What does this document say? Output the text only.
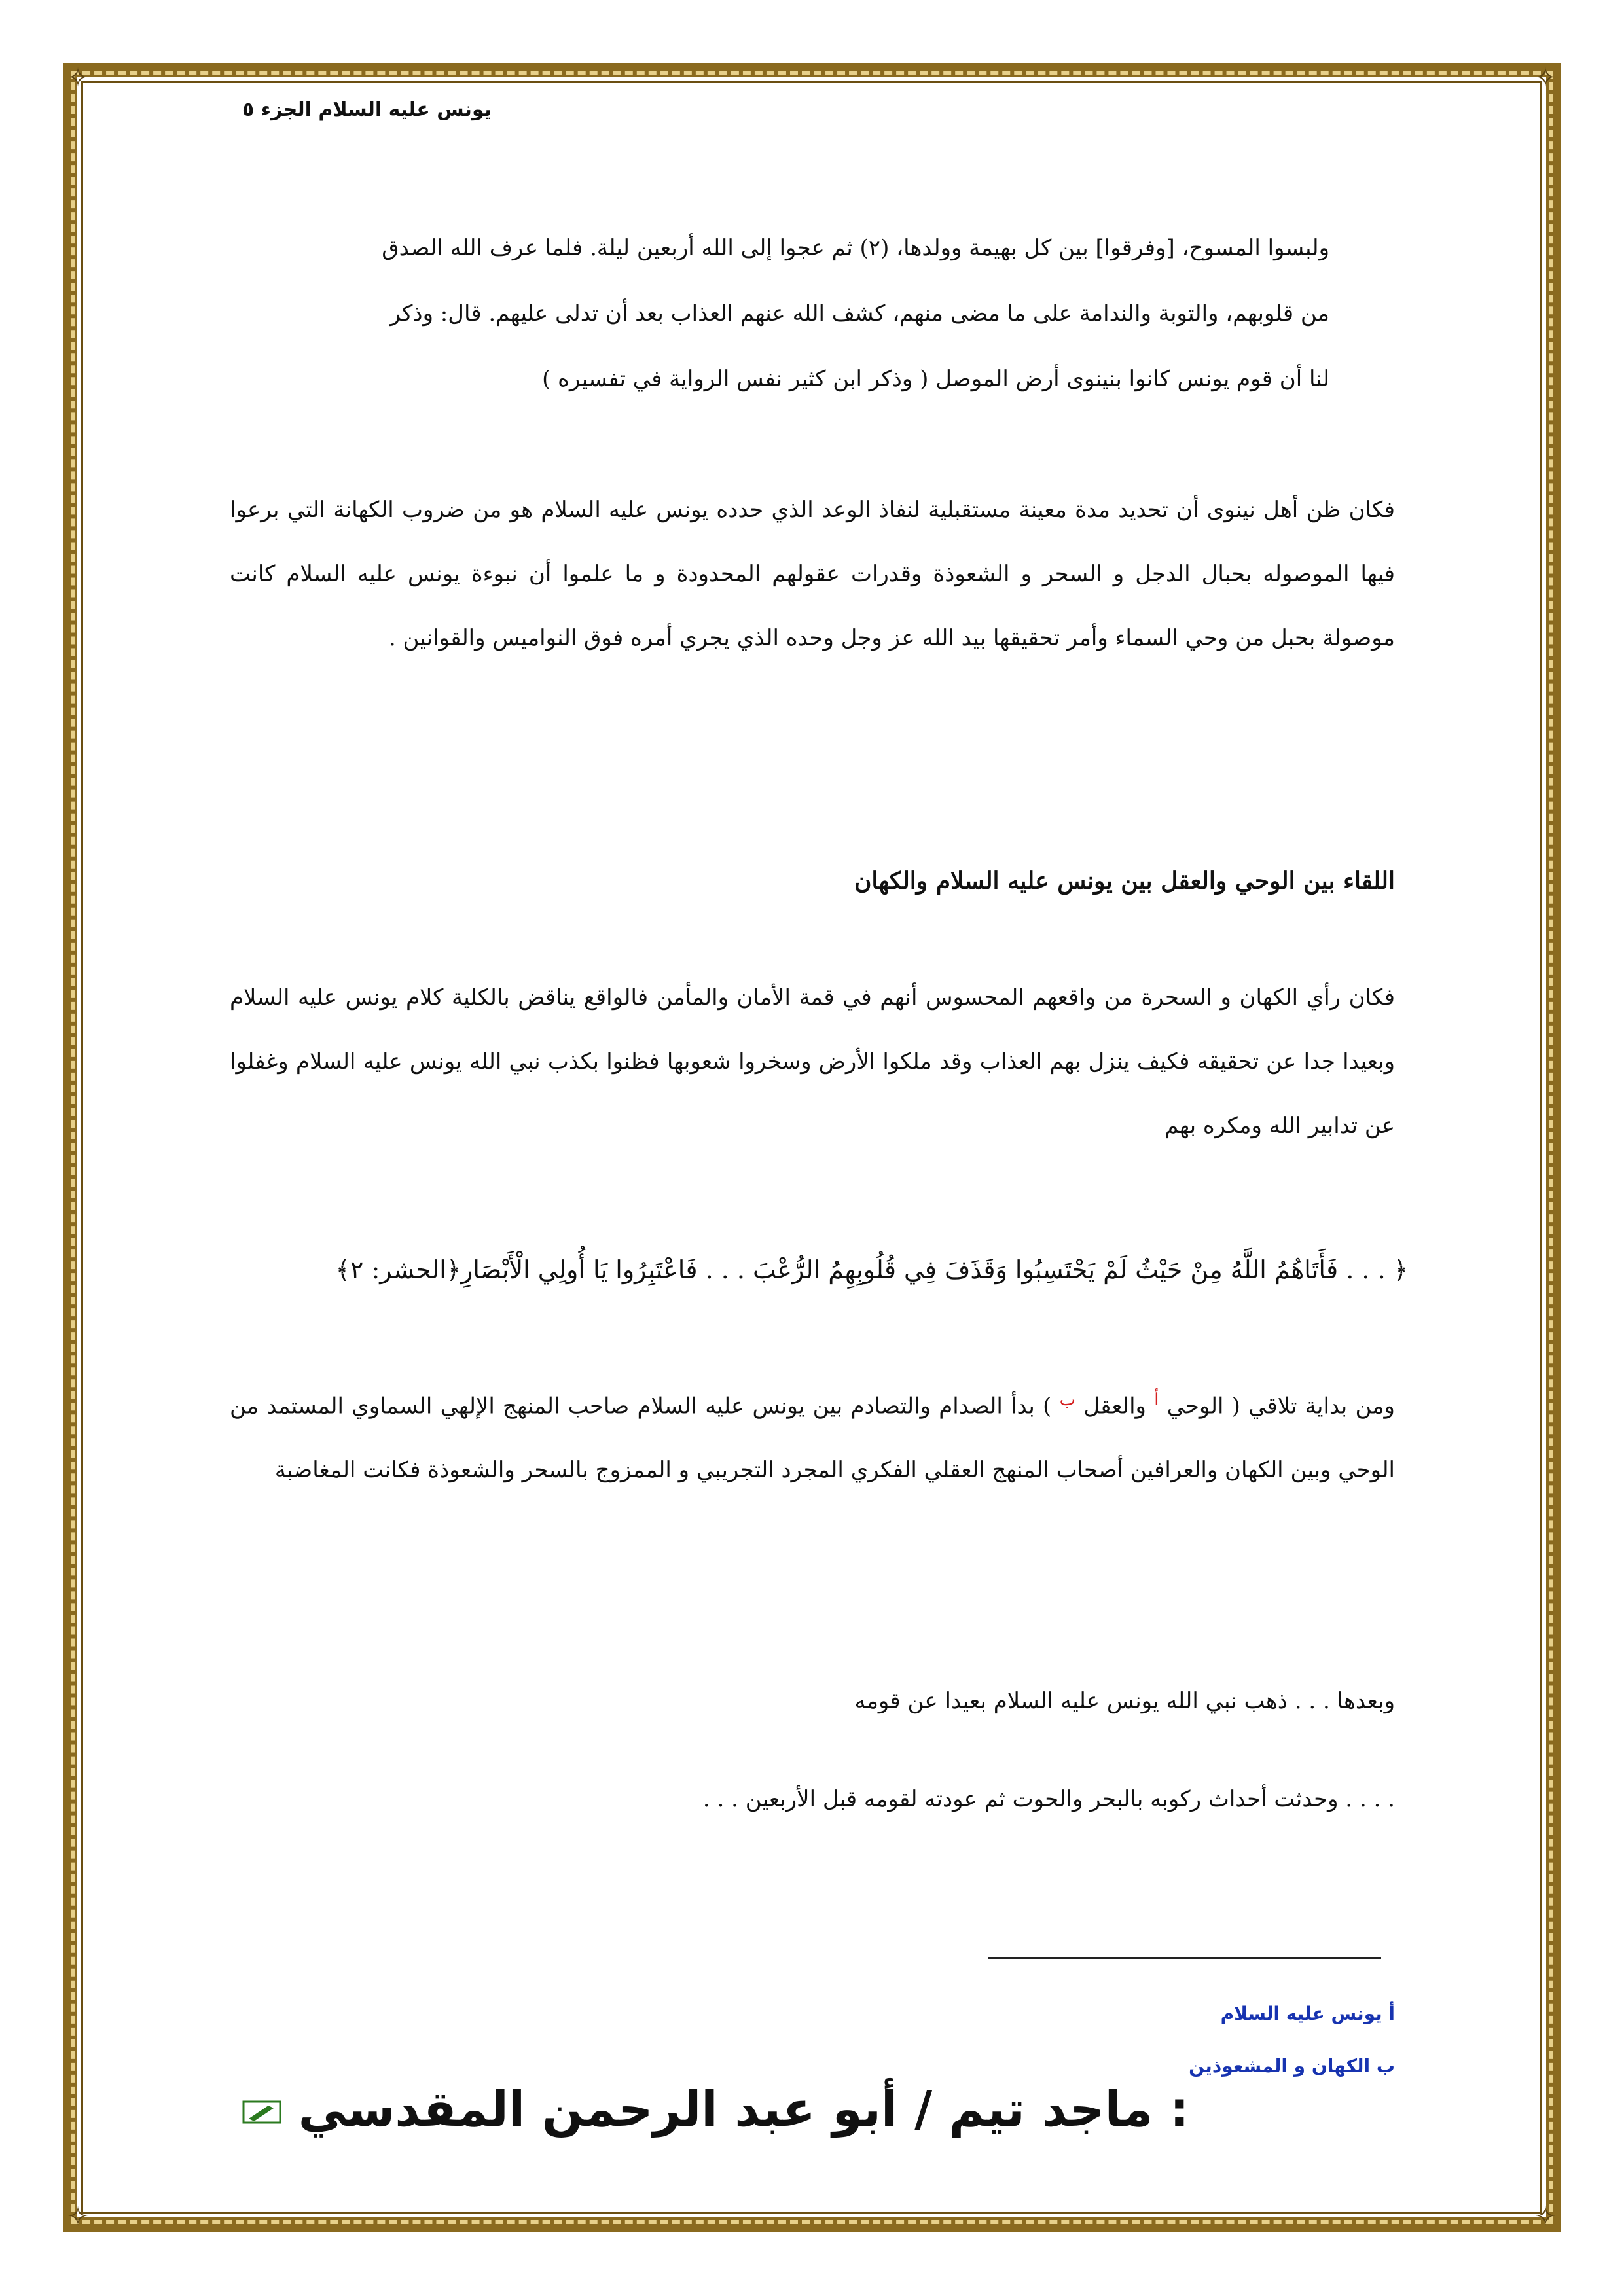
✧	✧
✧	✧
يونس عليه السلام الجزء ٥
ولبسوا المسوح، [وفرقوا] بين كل بهيمة وولدها، (٢) ثم عجوا إلى الله أربعين ليلة. فلما عرف الله الصدق
من قلوبهم، والتوبة والندامة على ما مضى منهم، كشف الله عنهم العذاب بعد أن تدلى عليهم. قال: وذكر
لنا أن قوم يونس كانوا بنينوى أرض الموصل ( وذكر ابن كثير نفس الرواية في تفسيره )
فكان ظن أهل نينوى أن تحديد مدة معينة مستقبلية لنفاذ الوعد الذي حدده يونس عليه السلام هو من ضروب الكهانة التي برعوا فيها الموصوله بحبال الدجل و السحر و الشعوذة وقدرات عقولهم المحدودة و ما علموا أن نبوءة يونس عليه السلام كانت موصولة بحبل من وحي السماء وأمر تحقيقها بيد الله عز وجل وحده الذي يجري أمره فوق النواميس والقوانين .
اللقاء بين الوحي والعقل بين يونس عليه السلام والكهان
فكان رأي الكهان و السحرة من واقعهم المحسوس أنهم في قمة الأمان والمأمن فالواقع يناقض بالكلية كلام يونس عليه السلام وبعيدا جدا عن تحقيقه فكيف ينزل بهم العذاب وقد ملكوا الأرض وسخروا شعوبها فظنوا بكذب نبي الله يونس عليه السلام وغفلوا عن تدابير الله ومكره بهم
﴿ . . . فَأَتَاهُمُ اللَّهُ مِنْ حَيْثُ لَمْ يَحْتَسِبُوا وَقَذَفَ فِي قُلُوبِهِمُ الرُّعْبَ . . . فَاعْتَبِرُوا يَا أُولِي الْأَبْصَارِ﴿الحشر: ٢﴾
ومن بداية تلاقي ( الوحي $^أ$ والعقل $^ب$ ) بدأ الصدام والتصادم بين يونس عليه السلام صاحب المنهج الإلهي السماوي المستمد من الوحي وبين الكهان والعرافين أصحاب المنهج العقلي الفكري المجرد التجريبي و الممزوج بالسحر والشعوذة فكانت المغاضبة
وبعدها . . . ذهب نبي الله يونس عليه السلام بعيدا عن قومه
. . . . وحدثت أحداث ركوبه بالبحر والحوت ثم عودته لقومه قبل الأربعين . . .
أ يونس عليه السلام
ب الكهان و المشعوذين
: ماجد تيم / أبو عبد الرحمن المقدسي
